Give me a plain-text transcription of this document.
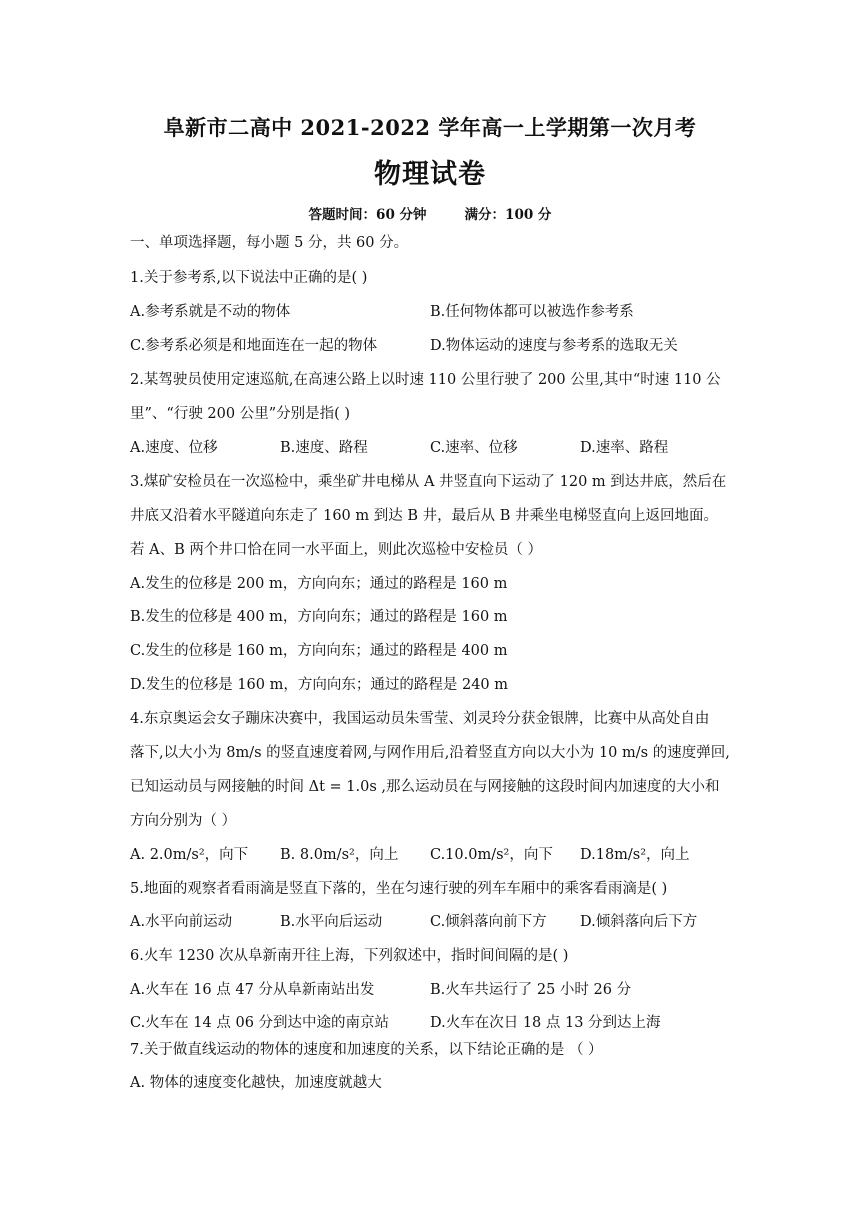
阜新市二高中 2021-2022 学年高一上学期第一次月考
物理试卷
答题时间：60 分钟	满分：100 分
一、单项选择题，每小题 5 分，共 60 分。
1.关于参考系,以下说法中正确的是( )
A.参考系就是不动的物体	B.任何物体都可以被选作参考系
C.参考系必须是和地面连在一起的物体	D.物体运动的速度与参考系的选取无关
2.某驾驶员使用定速巡航,在高速公路上以时速 110 公里行驶了 200 公里,其中“时速 110 公
里”、“行驶 200 公里”分别是指( )
A.速度、位移	B.速度、路程	C.速率、位移	D.速率、路程
3.煤矿安检员在一次巡检中，乘坐矿井电梯从 A 井竖直向下运动了 120 m 到达井底，然后在
井底又沿着水平隧道向东走了 160 m 到达 B 井，最后从 B 井乘坐电梯竖直向上返回地面。
若 A、B 两个井口恰在同一水平面上，则此次巡检中安检员（ ）
A.发生的位移是 200 m，方向向东；通过的路程是 160 m
B.发生的位移是 400 m，方向向东；通过的路程是 160 m
C.发生的位移是 160 m，方向向东；通过的路程是 400 m
D.发生的位移是 160 m，方向向东；通过的路程是 240 m
4.东京奥运会女子蹦床决赛中，我国运动员朱雪莹、刘灵玲分获金银牌，比赛中从高处自由
落下,以大小为 8m/s 的竖直速度着网,与网作用后,沿着竖直方向以大小为 10 m/s 的速度弹回,
已知运动员与网接触的时间 Δt = 1.0s ,那么运动员在与网接触的这段时间内加速度的大小和
方向分别为（ ）
A. 2.0m/s²，向下 B. 8.0m/s²，向上 C.10.0m/s²，向下 D.18m/s²，向上
5.地面的观察者看雨滴是竖直下落的，坐在匀速行驶的列车车厢中的乘客看雨滴是( )
A.水平向前运动	B.水平向后运动	C.倾斜落向前下方 D.倾斜落向后下方
6.火车 1230 次从阜新南开往上海，下列叙述中，指时间间隔的是( )
A.火车在 16 点 47 分从阜新南站出发	B.火车共运行了 25 小时 26 分
C.火车在 14 点 06 分到达中途的南京站	D.火车在次日 18 点 13 分到达上海
7.关于做直线运动的物体的速度和加速度的关系，以下结论正确的是 （ ）
A. 物体的速度变化越快，加速度就越大
